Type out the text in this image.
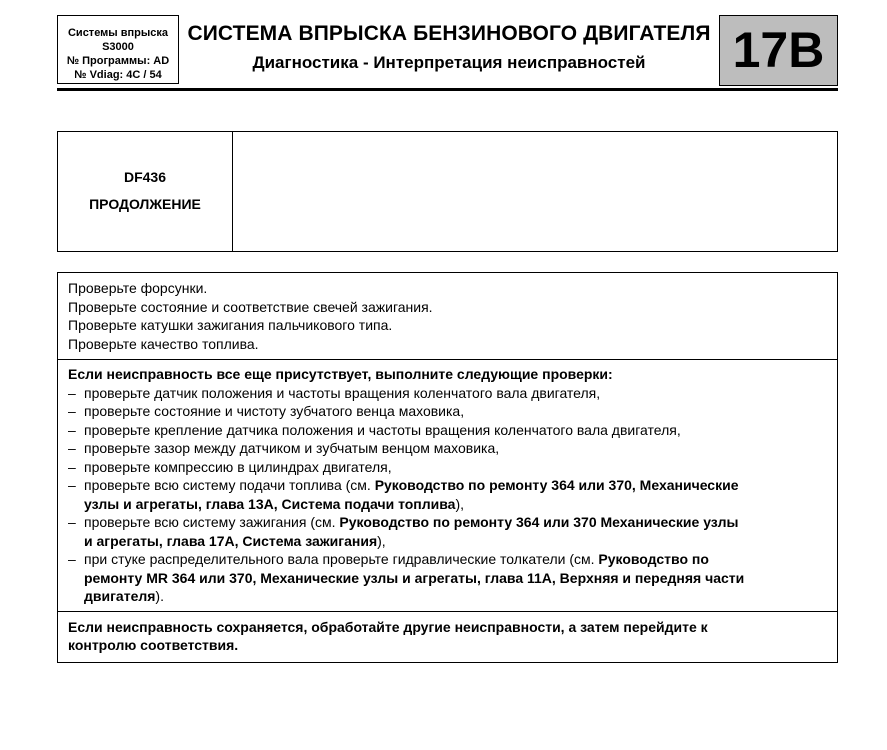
Системы впрыска
S3000
№ Программы: AD
№ Vdiag: 4C / 54
СИСТЕМА ВПРЫСКА БЕНЗИНОВОГО ДВИГАТЕЛЯ
Диагностика - Интерпретация неисправностей	17B
DF436
ПРОДОЛЖЕНИЕ
Проверьте форсунки.
Проверьте состояние и соответствие свечей зажигания.
Проверьте катушки зажигания пальчикового типа.
Проверьте качество топлива.
Если неисправность все еще присутствует, выполните следующие проверки:
– проверьте датчик положения и частоты вращения коленчатого вала двигателя,
– проверьте состояние и чистоту зубчатого венца маховика,
– проверьте крепление датчика положения и частоты вращения коленчатого вала двигателя,
– проверьте зазор между датчиком и зубчатым венцом маховика,
– проверьте компрессию в цилиндрах двигателя,
– проверьте всю систему подачи топлива (см. Руководство по ремонту 364 или 370, Механические
узлы и агрегаты, глава 13A, Система подачи топлива),
– проверьте всю систему зажигания (см. Руководство по ремонту 364 или 370 Механические узлы
и агрегаты, глава 17A, Система зажигания),
– при стуке распределительного вала проверьте гидравлические толкатели (см. Руководство по
ремонту MR 364 или 370, Механические узлы и агрегаты, глава 11A, Верхняя и передняя части
двигателя).
Если неисправность сохраняется, обработайте другие неисправности, а затем перейдите к
контролю соответствия.
